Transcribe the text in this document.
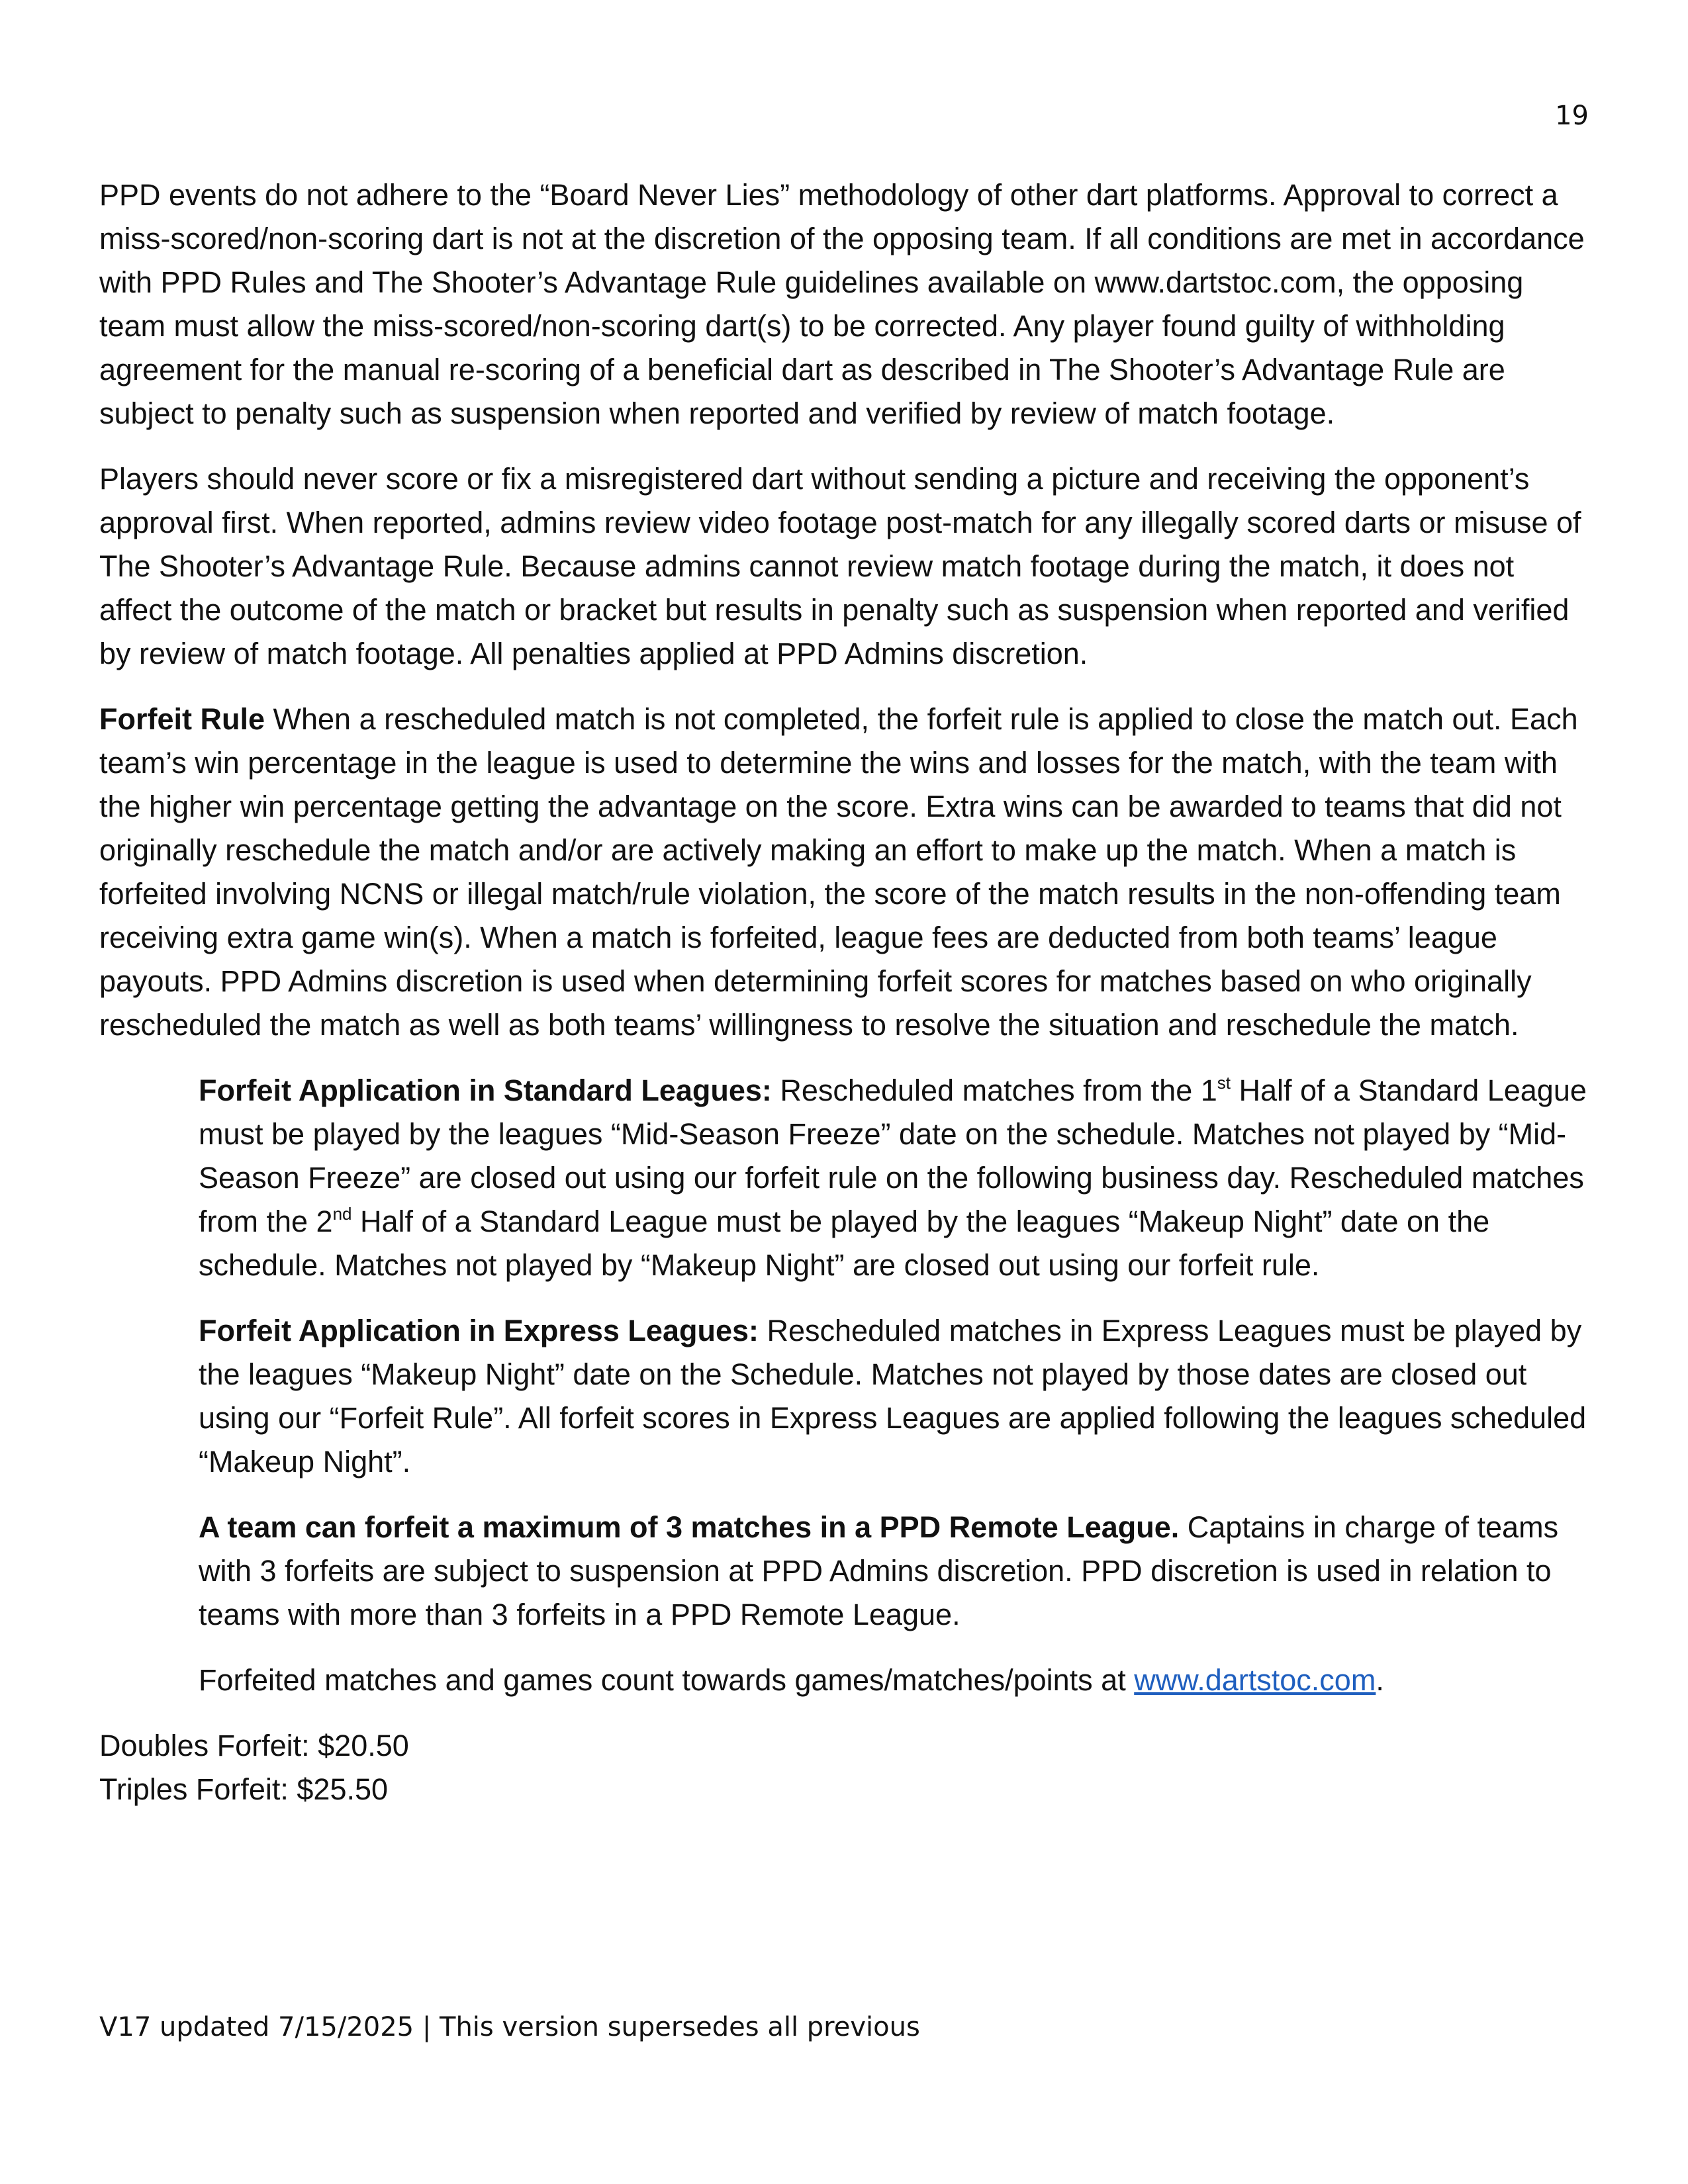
19

PPD events do not adhere to the “Board Never Lies” methodology of other dart platforms. Approval to correct a miss-scored/non-scoring dart is not at the discretion of the opposing team. If all conditions are met in accordance with PPD Rules and The Shooter’s Advantage Rule guidelines available on www.dartstoc.com, the opposing team must allow the miss-scored/non-scoring dart(s) to be corrected. Any player found guilty of withholding agreement for the manual re-scoring of a beneficial dart as described in The Shooter’s Advantage Rule are subject to penalty such as suspension when reported and verified by review of match footage.

Players should never score or fix a misregistered dart without sending a picture and receiving the opponent’s approval first. When reported, admins review video footage post-match for any illegally scored darts or misuse of The Shooter’s Advantage Rule. Because admins cannot review match footage during the match, it does not affect the outcome of the match or bracket but results in penalty such as suspension when reported and verified by review of match footage. All penalties applied at PPD Admins discretion.

Forfeit Rule When a rescheduled match is not completed, the forfeit rule is applied to close the match out. Each team’s win percentage in the league is used to determine the wins and losses for the match, with the team with the higher win percentage getting the advantage on the score. Extra wins can be awarded to teams that did not originally reschedule the match and/or are actively making an effort to make up the match. When a match is forfeited involving NCNS or illegal match/rule violation, the score of the match results in the non-offending team receiving extra game win(s). When a match is forfeited, league fees are deducted from both teams’ league payouts. PPD Admins discretion is used when determining forfeit scores for matches based on who originally rescheduled the match as well as both teams’ willingness to resolve the situation and reschedule the match.

Forfeit Application in Standard Leagues: Rescheduled matches from the 1st Half of a Standard League must be played by the leagues “Mid-Season Freeze” date on the schedule. Matches not played by “Mid-Season Freeze” are closed out using our forfeit rule on the following business day. Rescheduled matches from the 2nd Half of a Standard League must be played by the leagues “Makeup Night” date on the schedule. Matches not played by “Makeup Night” are closed out using our forfeit rule.

Forfeit Application in Express Leagues: Rescheduled matches in Express Leagues must be played by the leagues “Makeup Night” date on the Schedule. Matches not played by those dates are closed out using our “Forfeit Rule”. All forfeit scores in Express Leagues are applied following the leagues scheduled “Makeup Night”.

A team can forfeit a maximum of 3 matches in a PPD Remote League. Captains in charge of teams with 3 forfeits are subject to suspension at PPD Admins discretion. PPD discretion is used in relation to teams with more than 3 forfeits in a PPD Remote League.

Forfeited matches and games count towards games/matches/points at www.dartstoc.com.

Doubles Forfeit: $20.50

Triples Forfeit: $25.50

V17 updated 7/15/2025 | This version supersedes all previous
